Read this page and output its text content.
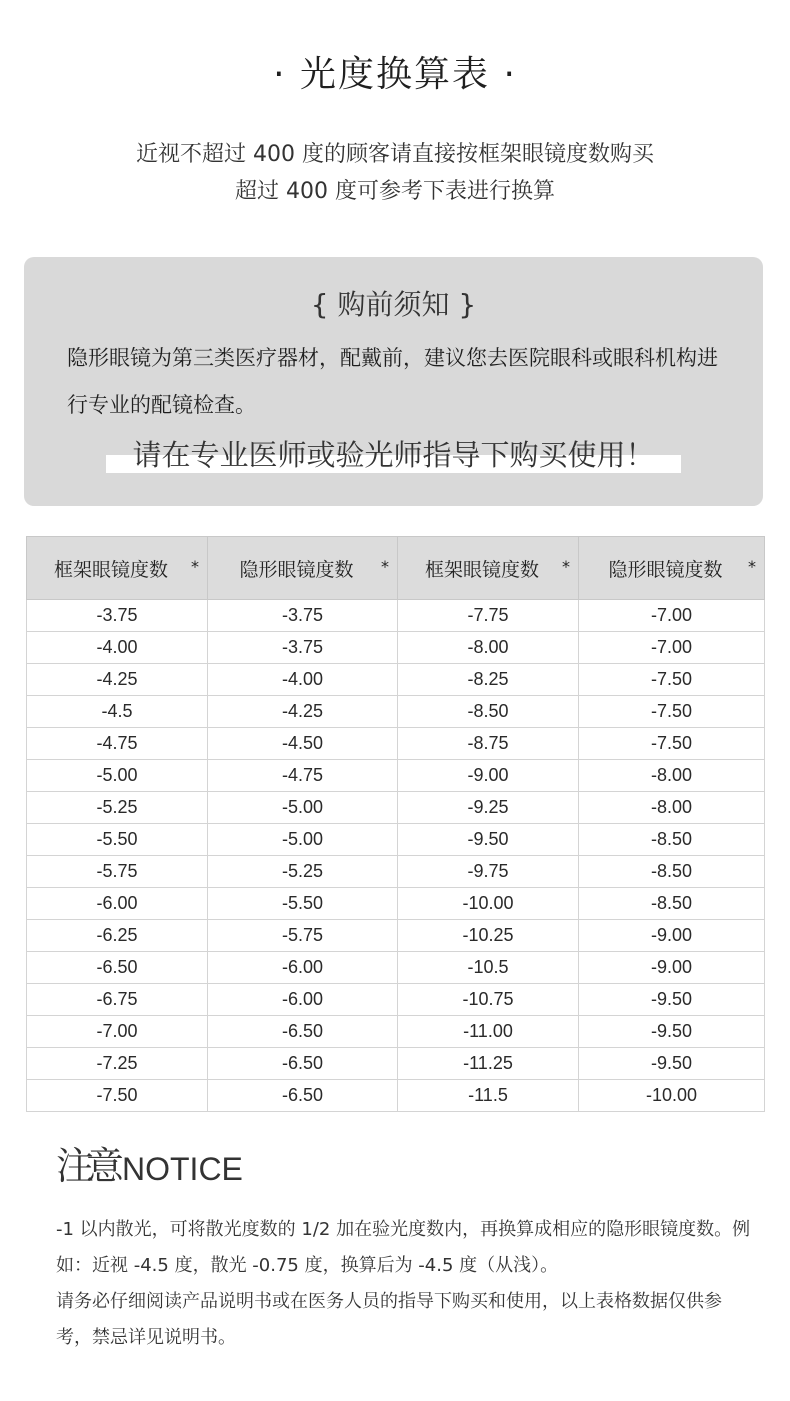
· 光度换算表 ·
近视不超过 400 度的顾客请直接按框架眼镜度数购买
超过 400 度可参考下表进行换算
{ 购前须知 }
隐形眼镜为第三类医疗器材，配戴前，建议您去医院眼科或眼科机构进行专业的配镜检查。
请在专业医师或验光师指导下购买使用！
框架眼镜度数 *	隐形眼镜度数 *	框架眼镜度数 *	隐形眼镜度数 *

-3.75	-3.75	-7.75	-7.00
-4.00	-3.75	-8.00	-7.00
-4.25	-4.00	-8.25	-7.50
-4.5	-4.25	-8.50	-7.50
-4.75	-4.50	-8.75	-7.50
-5.00	-4.75	-9.00	-8.00
-5.25	-5.00	-9.25	-8.00
-5.50	-5.00	-9.50	-8.50
-5.75	-5.25	-9.75	-8.50
-6.00	-5.50	-10.00	-8.50
-6.25	-5.75	-10.25	-9.00
-6.50	-6.00	-10.5	-9.00
-6.75	-6.00	-10.75	-9.50
-7.00	-6.50	-11.00	-9.50
-7.25	-6.50	-11.25	-9.50
-7.50	-6.50	-11.5	-10.00
注意 NOTICE
-1 以内散光，可将散光度数的 1/2 加在验光度数内，再换算成相应的隐形眼镜度数。例如：近视 -4.5 度，散光 -0.75 度，换算后为 -4.5 度（从浅）。
请务必仔细阅读产品说明书或在医务人员的指导下购买和使用，以上表格数据仅供参考，禁忌详见说明书。
